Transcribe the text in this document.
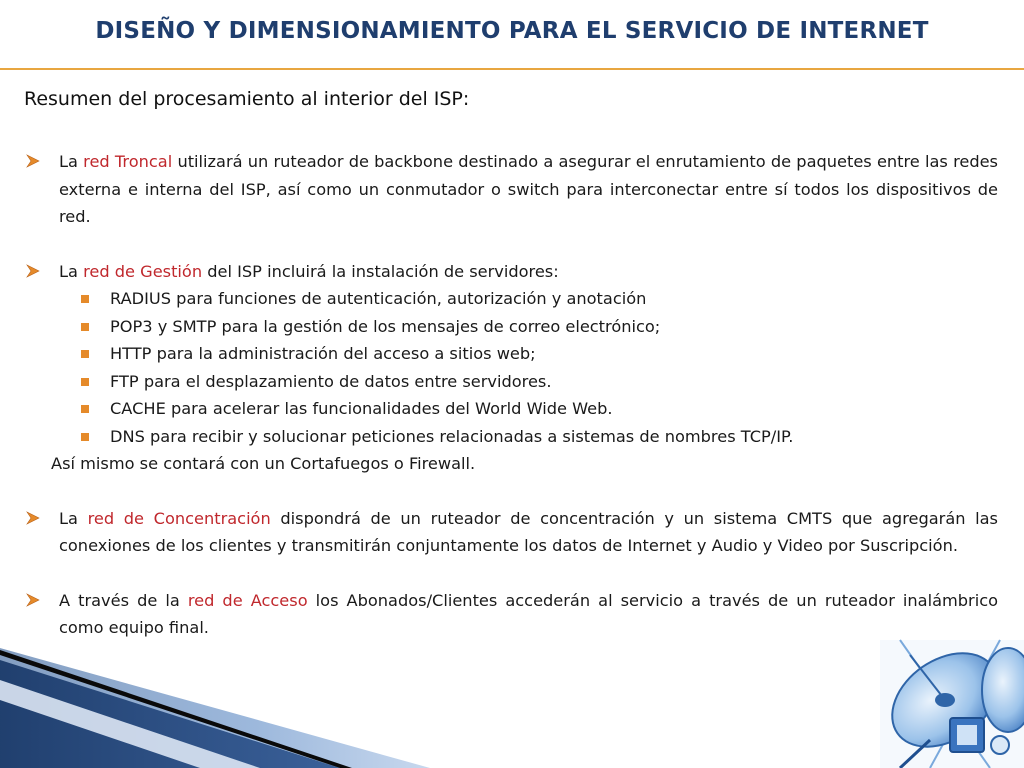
DISEÑO Y DIMENSIONAMIENTO PARA EL SERVICIO DE INTERNET
Resumen del procesamiento al interior del ISP:
La red Troncal utilizará un ruteador de backbone destinado a asegurar el enrutamiento de paquetes entre las redes externa e interna del ISP, así como un conmutador o switch para interconectar entre sí todos los dispositivos de red.
La red de Gestión del ISP incluirá la instalación de servidores:
RADIUS para funciones de autenticación, autorización y anotación
POP3 y SMTP para la gestión de los mensajes de correo electrónico;
HTTP para la administración del acceso a sitios web;
FTP para el desplazamiento de datos entre servidores.
CACHE para acelerar las funcionalidades del World Wide Web.
DNS para recibir y solucionar peticiones relacionadas a sistemas de nombres TCP/IP.
Así mismo se contará con un Cortafuegos o Firewall.
La red de Concentración dispondrá de un ruteador de concentración y un sistema CMTS que agregarán las conexiones de los clientes y transmitirán conjuntamente los datos de Internet y Audio y Video por Suscripción.
A través de la red de Acceso los Abonados/Clientes accederán al servicio a través de un ruteador inalámbrico como equipo final.
